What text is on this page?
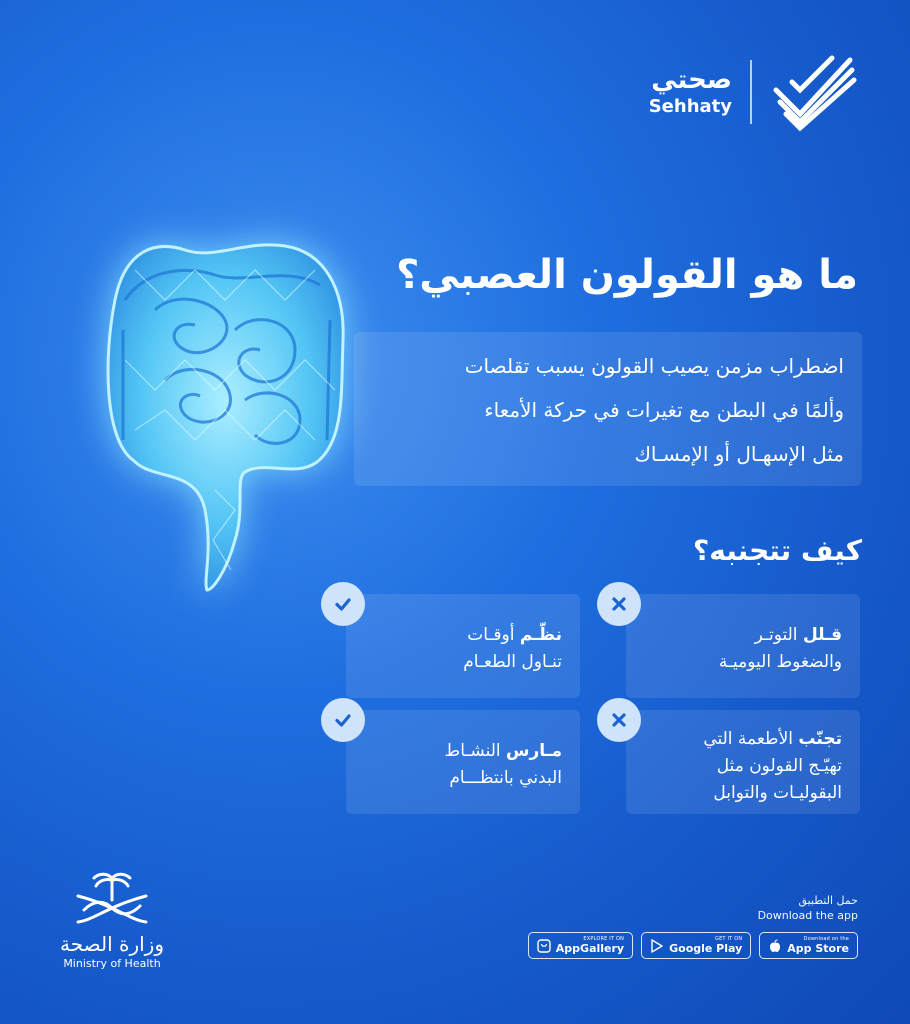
صحتي
Sehhaty
ما هو القولون العصبي؟
اضطراب مزمن يصيب القولون يسبب تقلصات
وألمًا في البطن مع تغيرات في حركة الأمعاء
مثل الإسهـال أو الإمسـاك
كيف تتجنبه؟
قـلل التوتـر
والضغوط اليوميـة
نظّـم أوقـات
تنـاول الطعـام
تجنّب الأطعمة التي
تهيّـج القولون مثل
البقوليـات والتوابل
مـارس النشـاط
البدني بانتظـــام
وزارة الصحة
Ministry of Health
حمل التطبيق
Download the app
EXPLORE IT ON
AppGallery
GET IT ON
Google Play
Download on the
App Store
